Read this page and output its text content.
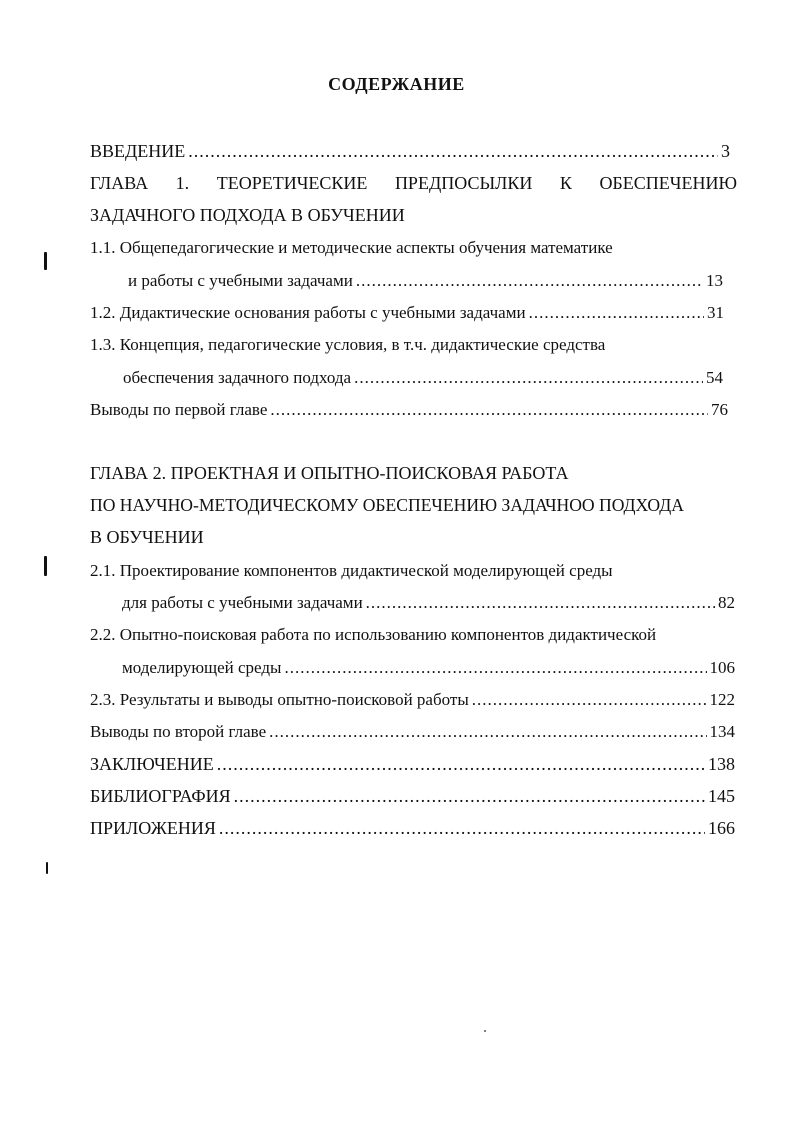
СОДЕРЖАНИЕ
ВВЕДЕНИЕ .....	3
ГЛАВА 1. ТЕОРЕТИЧЕСКИЕ ПРЕДПОСЫЛКИ К ОБЕСПЕЧЕНИЮ
ЗАДАЧНОГО ПОДХОДА В ОБУЧЕНИИ
1.1. Общепедагогические и методические аспекты обучения математике
и работы с учебными задачами .....	13
1.2. Дидактические основания работы с учебными задачами .....	31
1.3. Концепция, педагогические условия, в т.ч. дидактические средства
обеспечения задачного подхода .....	54
Выводы по первой главе .....	76
ГЛАВА 2. ПРОЕКТНАЯ И ОПЫТНО-ПОИСКОВАЯ РАБОТА
ПО НАУЧНО-МЕТОДИЧЕСКОМУ ОБЕСПЕЧЕНИЮ ЗАДАЧНОО ПОДХОДА
В ОБУЧЕНИИ
2.1. Проектирование компонентов дидактической моделирующей среды
для работы с учебными задачами .....	82
2.2. Опытно-поисковая работа по использованию компонентов дидактической
моделирующей среды .....	106
2.3. Результаты и выводы опытно-поисковой работы .....	122
Выводы по второй главе .....	134
ЗАКЛЮЧЕНИЕ .....	138
БИБЛИОГРАФИЯ .....	145
ПРИЛОЖЕНИЯ .....	166
